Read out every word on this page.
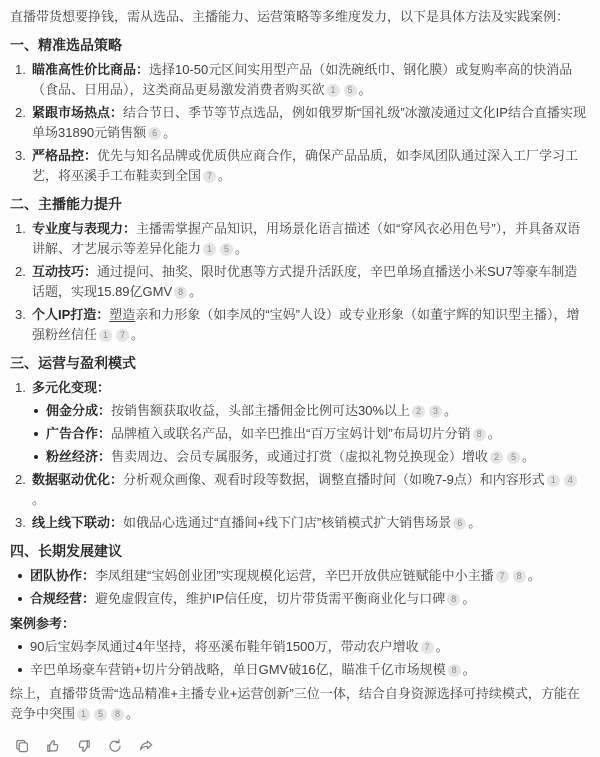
直播带货想要挣钱，需从选品、主播能力、运营策略等多维度发力，以下是具体方法及实践案例：

一、精准选品策略
1. 瞄准高性价比商品：选择10-50元区间实用型产品（如洗碗纸巾、钢化膜）或复购率高的快消品（食品、日用品），这类商品更易激发消费者购买欲 1 5 。
2. 紧跟市场热点：结合节日、季节等节点选品，例如俄罗斯“国礼级”冰激凌通过文化IP结合直播实现单场31890元销售额 6 。
3. 严格品控：优先与知名品牌或优质供应商合作，确保产品品质，如李凤团队通过深入工厂学习工艺，将巫溪手工布鞋卖到全国 7 。
二、主播能力提升
1. 专业度与表现力：主播需掌握产品知识，用场景化语言描述（如“穿风衣必用色号”），并具备双语讲解、才艺展示等差异化能力 1 5 。
2. 互动技巧：通过提问、抽奖、限时优惠等方式提升活跃度，辛巴单场直播送小米SU7等豪车制造话题，实现15.89亿GMV 8 。
3. 个人IP打造：塑造亲和力形象（如李凤的“宝妈”人设）或专业形象（如董宇辉的知识型主播），增强粉丝信任 1 7 。
三、运营与盈利模式
1. 多元化变现：
佣金分成：按销售额获取收益，头部主播佣金比例可达30%以上 2 3 。
广告合作：品牌植入或联名产品，如辛巴推出“百万宝妈计划”布局切片分销 8 。
粉丝经济：售卖周边、会员专属服务，或通过打赏（虚拟礼物兑换现金）增收 2 5 。
2. 数据驱动优化：分析观众画像、观看时段等数据，调整直播时间（如晚7-9点）和内容形式 1 4。
3. 线上线下联动：如俄品心选通过“直播间+线下门店”核销模式扩大销售场景 6 。
四、长期发展建议
团队协作：李凤组建“宝妈创业团”实现规模化运营，辛巴开放供应链赋能中小主播 7 8 。
合规经营：避免虚假宣传，维护IP信任度，切片带货需平衡商业化与口碑 8 。

案例参考：

90后宝妈李凤通过4年坚持，将巫溪布鞋年销1500万，带动农户增收 7 。
辛巴单场豪车营销+切片分销战略，单日GMV破16亿，瞄准千亿市场规模 8 。
综上，直播带货需“选品精准+主播专业+运营创新”三位一体，结合自身资源选择可持续模式，方能在竞争中突围 1 5 8 。
